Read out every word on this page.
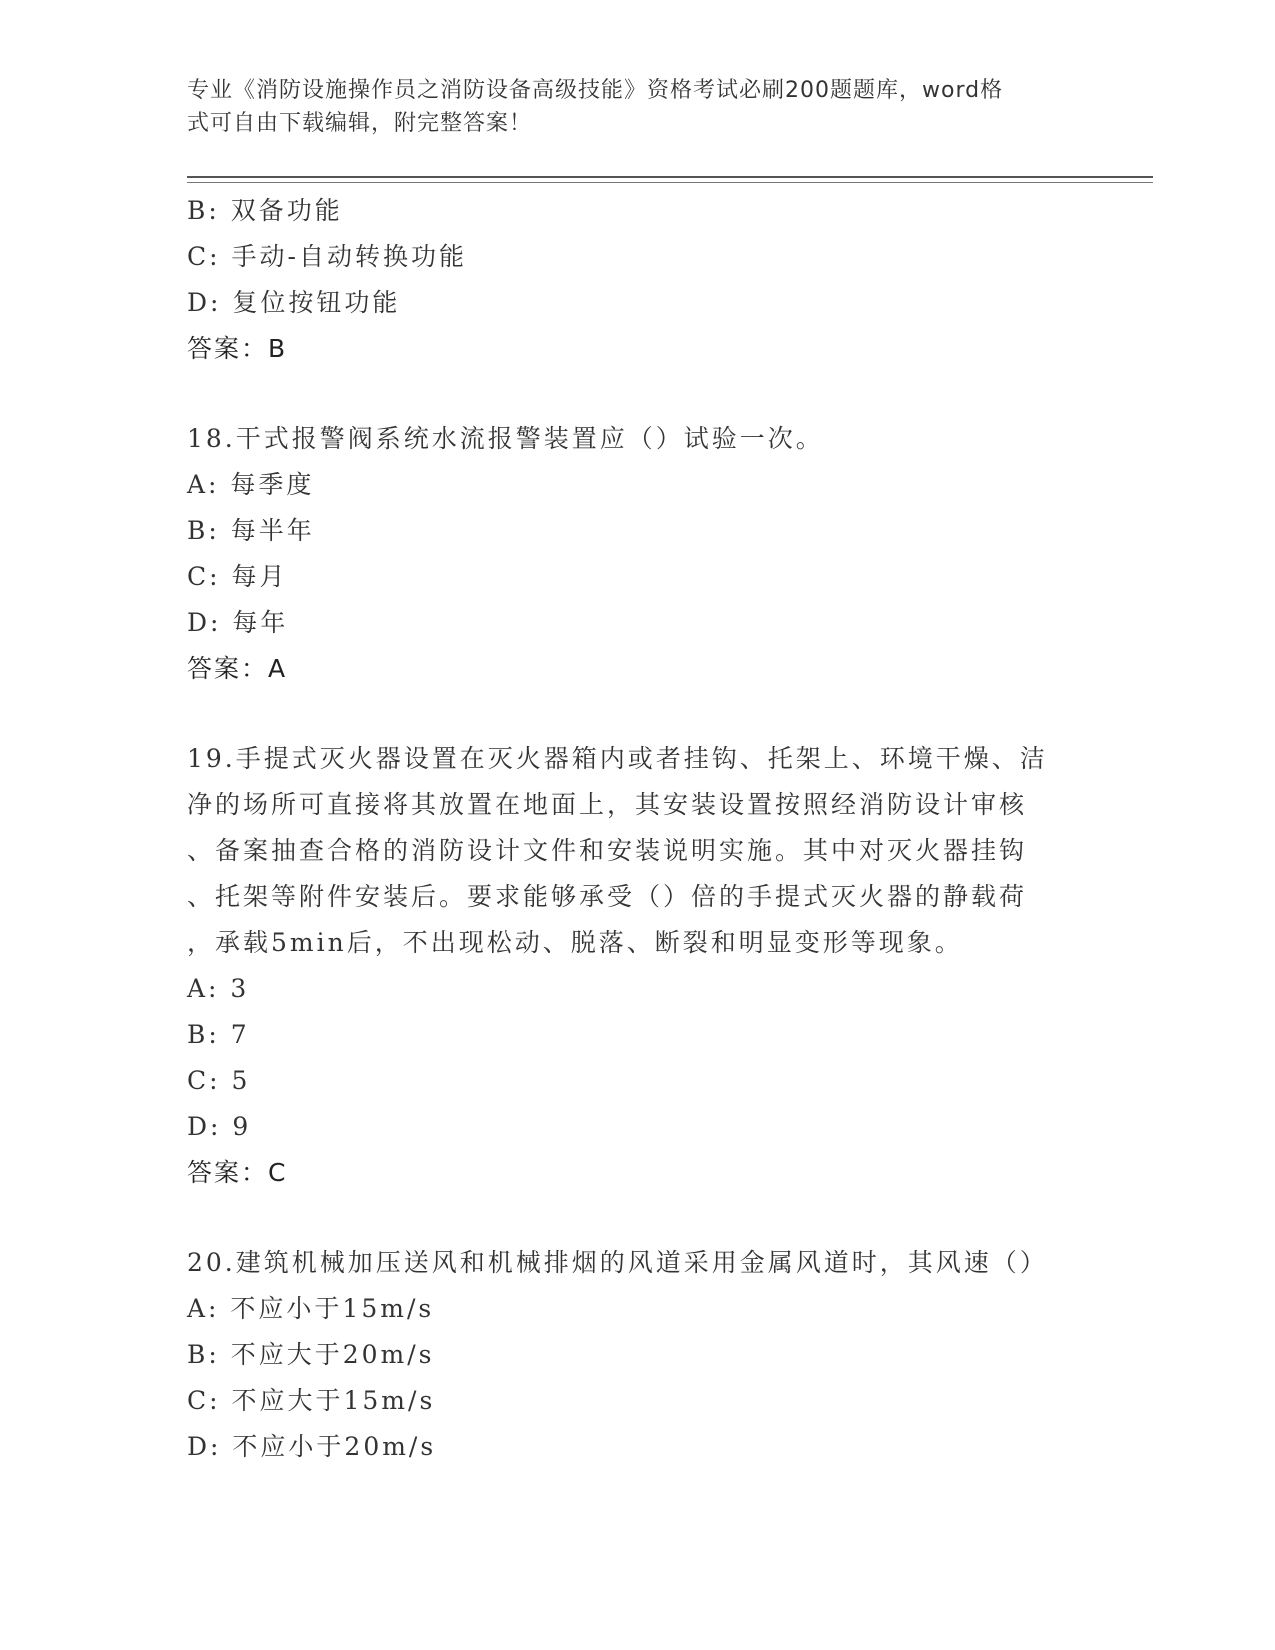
专业《消防设施操作员之消防设备高级技能》资格考试必刷200题题库，word格
式可自由下载编辑，附完整答案！
B: 双备功能
C: 手动-自动转换功能
D: 复位按钮功能
答案：B
18.干式报警阀系统水流报警装置应（）试验一次。
A: 每季度
B: 每半年
C: 每月
D: 每年
答案：A
19.手提式灭火器设置在灭火器箱内或者挂钩、托架上、环境干燥、洁
净的场所可直接将其放置在地面上，其安装设置按照经消防设计审核
、备案抽查合格的消防设计文件和安装说明实施。其中对灭火器挂钩
、托架等附件安装后。要求能够承受（）倍的手提式灭火器的静载荷
，承载5min后，不出现松动、脱落、断裂和明显变形等现象。
A: 3
B: 7
C: 5
D: 9
答案：C
20.建筑机械加压送风和机械排烟的风道采用金属风道时，其风速（）
A: 不应小于15m/s
B: 不应大于20m/s
C: 不应大于15m/s
D: 不应小于20m/s
